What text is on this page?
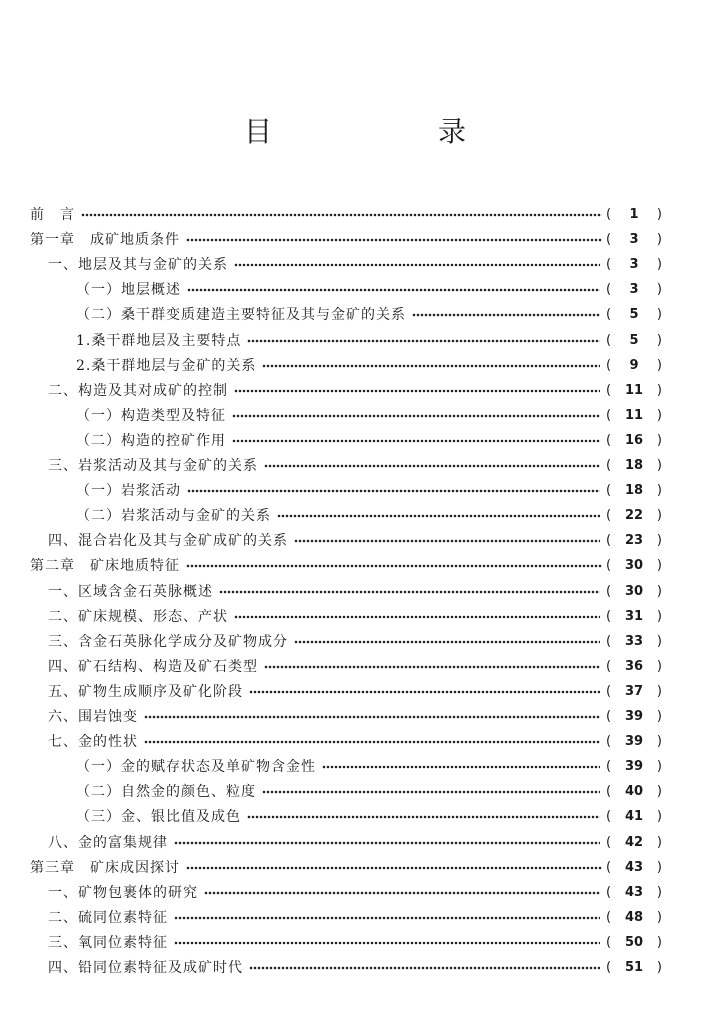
目	录
前　言	(	1	)
第一章　成矿地质条件	(	3	)
一、地层及其与金矿的关系	(	3	)
（一）地层概述	(	3	)
（二）桑干群变质建造主要特征及其与金矿的关系	(	5	)
1.桑干群地层及主要特点	(	5	)
2.桑干群地层与金矿的关系	(	9	)
二、构造及其对成矿的控制	(	11	)
（一）构造类型及特征	(	11	)
（二）构造的控矿作用	(	16	)
三、岩浆活动及其与金矿的关系	(	18	)
（一）岩浆活动	(	18	)
（二）岩浆活动与金矿的关系	(	22	)
四、混合岩化及其与金矿成矿的关系	(	23	)
第二章　矿床地质特征	(	30	)
一、区域含金石英脉概述	(	30	)
二、矿床规模、形态、产状	(	31	)
三、含金石英脉化学成分及矿物成分	(	33	)
四、矿石结构、构造及矿石类型	(	36	)
五、矿物生成顺序及矿化阶段	(	37	)
六、围岩蚀变	(	39	)
七、金的性状	(	39	)
（一）金的赋存状态及单矿物含金性	(	39	)
（二）自然金的颜色、粒度	(	40	)
（三）金、银比值及成色	(	41	)
八、金的富集规律	(	42	)
第三章　矿床成因探讨	(	43	)
一、矿物包裹体的研究	(	43	)
二、硫同位素特征	(	48	)
三、氧同位素特征	(	50	)
四、铅同位素特征及成矿时代	(	51	)
